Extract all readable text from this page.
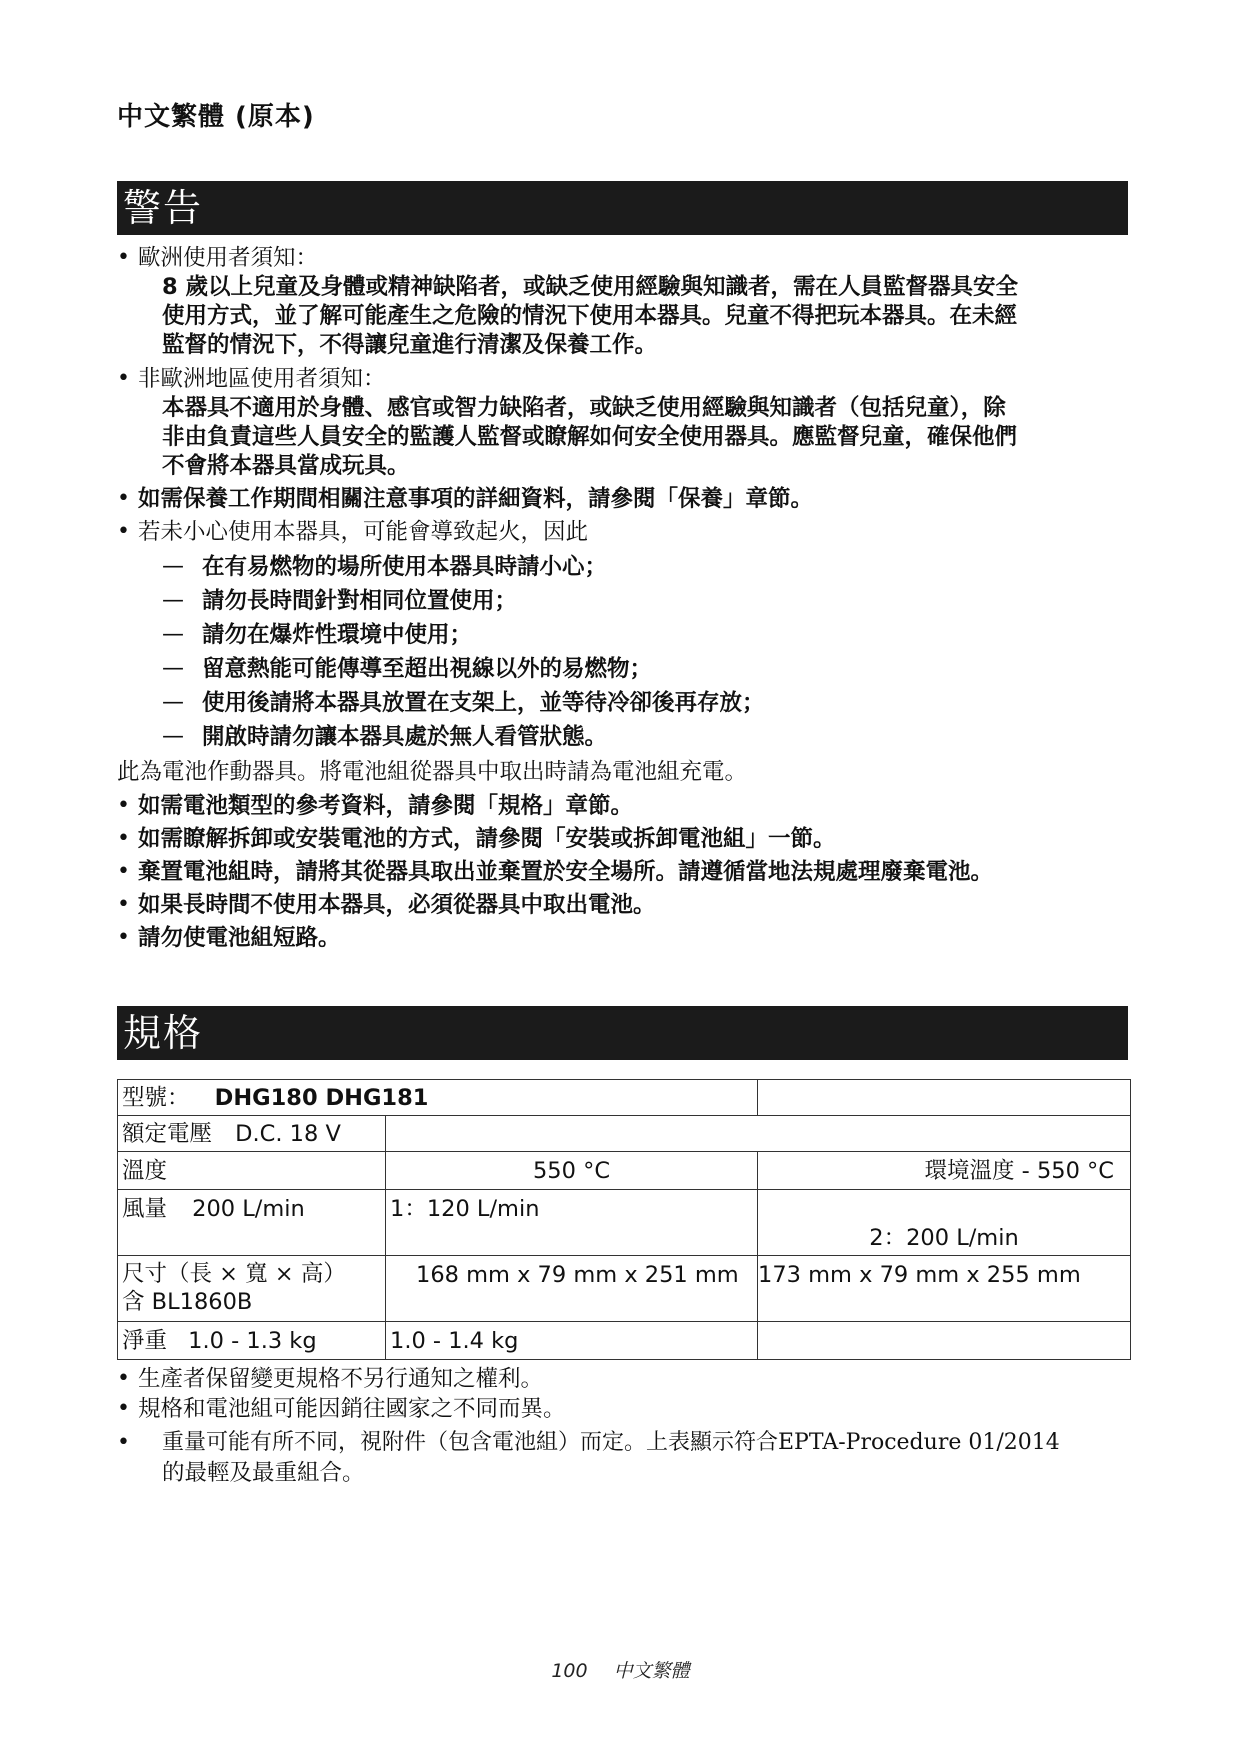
中文繁體 (原本)
警告
• 歐洲使用者須知：
8 歲以上兒童及身體或精神缺陷者，或缺乏使用經驗與知識者，需在人員監督器具安全
使用方式，並了解可能產生之危險的情況下使用本器具。兒童不得把玩本器具。在未經
監督的情況下，不得讓兒童進行清潔及保養工作。
• 非歐洲地區使用者須知：
本器具不適用於身體、感官或智力缺陷者，或缺乏使用經驗與知識者（包括兒童），除
非由負責這些人員安全的監護人監督或瞭解如何安全使用器具。應監督兒童，確保他們
不會將本器具當成玩具。
• 如需保養工作期間相關注意事項的詳細資料，請參閱「保養」章節。
• 若未小心使用本器具，可能會導致起火，因此
— 在有易燃物的場所使用本器具時請小心；
— 請勿長時間針對相同位置使用；
— 請勿在爆炸性環境中使用；
— 留意熱能可能傳導至超出視線以外的易燃物；
— 使用後請將本器具放置在支架上，並等待冷卻後再存放；
— 開啟時請勿讓本器具處於無人看管狀態。
此為電池作動器具。將電池組從器具中取出時請為電池組充電。
• 如需電池類型的參考資料，請參閱「規格」章節。
• 如需瞭解拆卸或安裝電池的方式，請參閱「安裝或拆卸電池組」一節。
• 棄置電池組時，請將其從器具取出並棄置於安全場所。請遵循當地法規處理廢棄電池。
• 如果長時間不使用本器具，必須從器具中取出電池。
• 請勿使電池組短路。
規格
型號： DHG180 DHG181		
額定電壓 D.C. 18 V		
溫度	550 °C	環境溫度 - 550 °C
風量 200 L/min	1：120 L/min	2：200 L/min

尺寸（長 × 寬 × 高）
含 BL1860B	168 mm x 79 mm x 251 mm	173 mm x 79 mm x 255 mm
淨重 1.0 - 1.3 kg	1.0 - 1.4 kg	
• 生產者保留變更規格不另行通知之權利。
• 規格和電池組可能因銷往國家之不同而異。
• 重量可能有所不同，視附件（包含電池組）而定。上表顯示符合EPTA-Procedure 01/2014
的最輕及最重組合。
100 中文繁體
